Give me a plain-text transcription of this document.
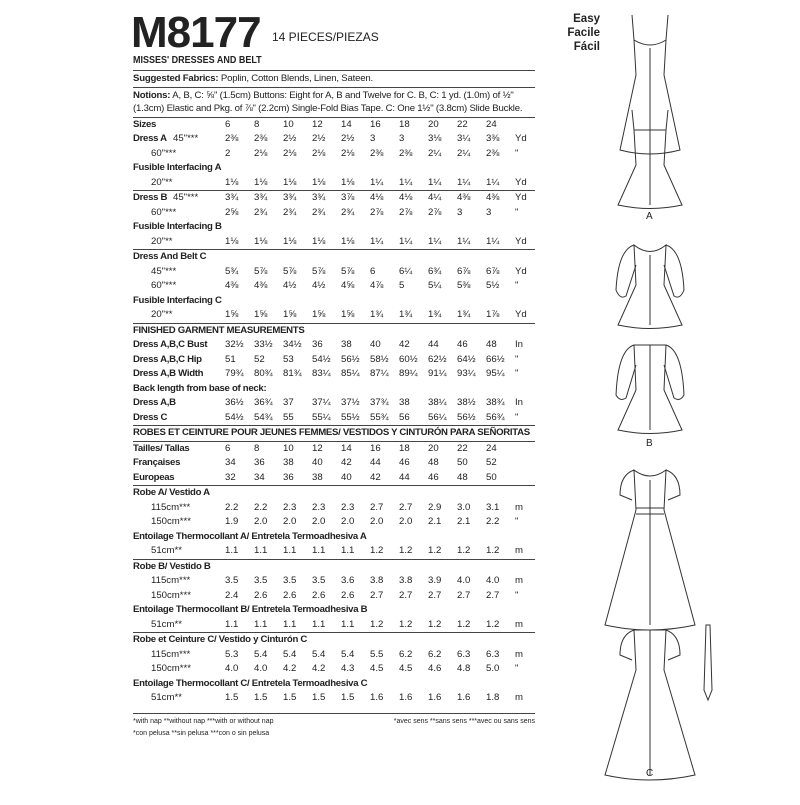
M8177 14 PIECES/PIEZAS
Easy
Facile
Fácil
MISSES' DRESSES AND BELT
Suggested Fabrics: Poplin, Cotton Blends, Linen, Sateen.
Notions: A, B, C: ⅝" (1.5cm) Buttons: Eight for A, B and Twelve for C. B, C: 1 yd. (1.0m) of ½" (1.3cm) Elastic and Pkg. of ⅞" (2.2cm) Single-Fold Bias Tape. C: One 1½" (3.8cm) Slide Buckle.
Sizes	6 8 10 12 14 16 18 20 22 24
Dress A 45"***	2⅜ 2⅜ 2½ 2½ 2½ 3 3 3⅛ 3¼ 3⅜ Yd
60"***	2 2⅛ 2⅛ 2⅛ 2⅛ 2⅜ 2⅜ 2¼ 2¼ 2⅜ "
Fusible Interfacing A
20"**	1⅛ 1⅛ 1⅛ 1⅛ 1⅛ 1¼ 1¼ 1¼ 1¼ 1¼ Yd
Dress B 45"***	3¾ 3¾ 3¾ 3¾ 3⅞ 4⅛ 4⅛ 4¼ 4⅜ 4⅜ Yd
60"***	2⅝ 2¾ 2¾ 2¾ 2¾ 2⅞ 2⅞ 2⅞ 3 3 "
Fusible Interfacing B
20"**	1⅛ 1⅛ 1⅛ 1⅛ 1⅛ 1¼ 1¼ 1¼ 1¼ 1¼ Yd
Dress And Belt C
45"***	5¾ 5⅞ 5⅞ 5⅞ 5⅞ 6 6¼ 6¾ 6⅞ 6⅞ Yd
60"***	4⅜ 4⅜ 4½ 4½ 4⅝ 4⅞ 5 5¼ 5⅜ 5½ "
Fusible Interfacing C
20"**	1⅝ 1⅝ 1⅝ 1⅝ 1⅝ 1¾ 1¾ 1¾ 1¾ 1⅞ Yd
FINISHED GARMENT MEASUREMENTS
Dress A,B,C Bust 32½ 33½ 34½ 36 38 40 42 44 46 48 In
Dress A,B,C Hip 51 52 53 54½ 56½ 58½ 60½ 62½ 64½ 66½ "
Dress A,B Width 79¾ 80¾ 81¾ 83¼ 85¼ 87¼ 89¼ 91¼ 93¼ 95¼ "
Back length from base of neck:
Dress A,B	36½ 36¾ 37 37¼ 37½ 37¾ 38 38¼ 38½ 38¾ In
Dress C	54½ 54¾ 55 55¼ 55½ 55¾ 56 56¼ 56½ 56¾ "
ROBES ET CEINTURE POUR JEUNES FEMMES/ VESTIDOS Y CINTURÓN PARA SEÑORITAS
Tailles/ Tallas	6 8 10 12 14 16 18 20 22 24
Françaises	34 36 38 40 42 44 46 48 50 52
Europeas	32 34 36 38 40 42 44 46 48 50
Robe A/ Vestido A
115cm***	2.2 2.2 2.3 2.3 2.3 2.7 2.7 2.9 3.0 3.1 m
150cm***	1.9 2.0 2.0 2.0 2.0 2.0 2.0 2.1 2.1 2.2 "
Entoilage Thermocollant A/ Entretela Termoadhesiva A
51cm**	1.1 1.1 1.1 1.1 1.1 1.2 1.2 1.2 1.2 1.2 m
Robe B/ Vestido B
115cm***	3.5 3.5 3.5 3.5 3.6 3.8 3.8 3.9 4.0 4.0 m
150cm***	2.4 2.6 2.6 2.6 2.6 2.7 2.7 2.7 2.7 2.7 "
Entoilage Thermocollant B/ Entretela Termoadhesiva B
51cm**	1.1 1.1 1.1 1.1 1.1 1.2 1.2 1.2 1.2 1.2 m
Robe et Ceinture C/ Vestido y Cinturón C
115cm***	5.3 5.4 5.4 5.4 5.4 5.5 6.2 6.2 6.3 6.3 m
150cm***	4.0 4.0 4.2 4.2 4.3 4.5 4.5 4.6 4.8 5.0 "
Entoilage Thermocollant C/ Entretela Termoadhesiva C
51cm**	1.5 1.5 1.5 1.5 1.5 1.6 1.6 1.6 1.6 1.8 m
*with nap **without nap ***with or without nap
*con pelusa **sin pelusa ***con o sin pelusa
*avec sens **sans sens ***avec ou sans sens
A
B
C
